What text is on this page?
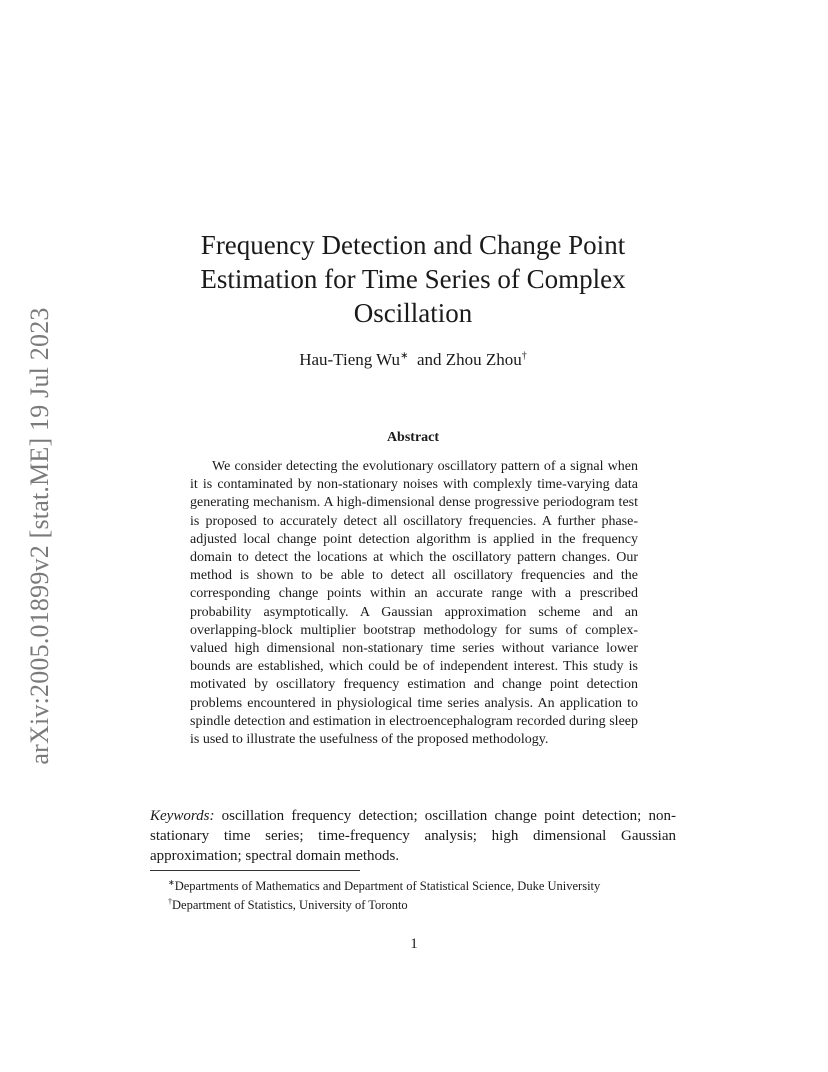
arXiv:2005.01899v2 [stat.ME] 19 Jul 2023
Frequency Detection and Change Point
Estimation for Time Series of Complex
Oscillation
Hau-Tieng Wu∗ and Zhou Zhou†
Abstract

We consider detecting the evolutionary oscillatory pattern of a signal when it is contaminated by non-stationary noises with complexly time-varying data generating mechanism. A high-dimensional dense progressive periodogram test is proposed to accurately detect all oscillatory frequencies. A further phase-adjusted local change point detection algorithm is applied in the frequency domain to detect the locations at which the oscillatory pattern changes. Our method is shown to be able to detect all oscillatory frequencies and the corresponding change points within an accurate range with a prescribed probability asymptotically. A Gaussian approximation scheme and an overlapping-block multiplier bootstrap methodology for sums of complex-valued high dimensional non-stationary time series without variance lower bounds are established, which could be of independent interest. This study is motivated by oscillatory frequency estimation and change point detection problems encountered in physiological time series analysis. An application to spindle detection and estimation in electroencephalogram recorded during sleep is used to illustrate the usefulness of the proposed methodology.

Keywords: oscillation frequency detection; oscillation change point detection; non-stationary time series; time-frequency analysis; high dimensional Gaussian approximation; spectral domain methods.

∗Departments of Mathematics and Department of Statistical Science, Duke University
†Department of Statistics, University of Toronto
1
